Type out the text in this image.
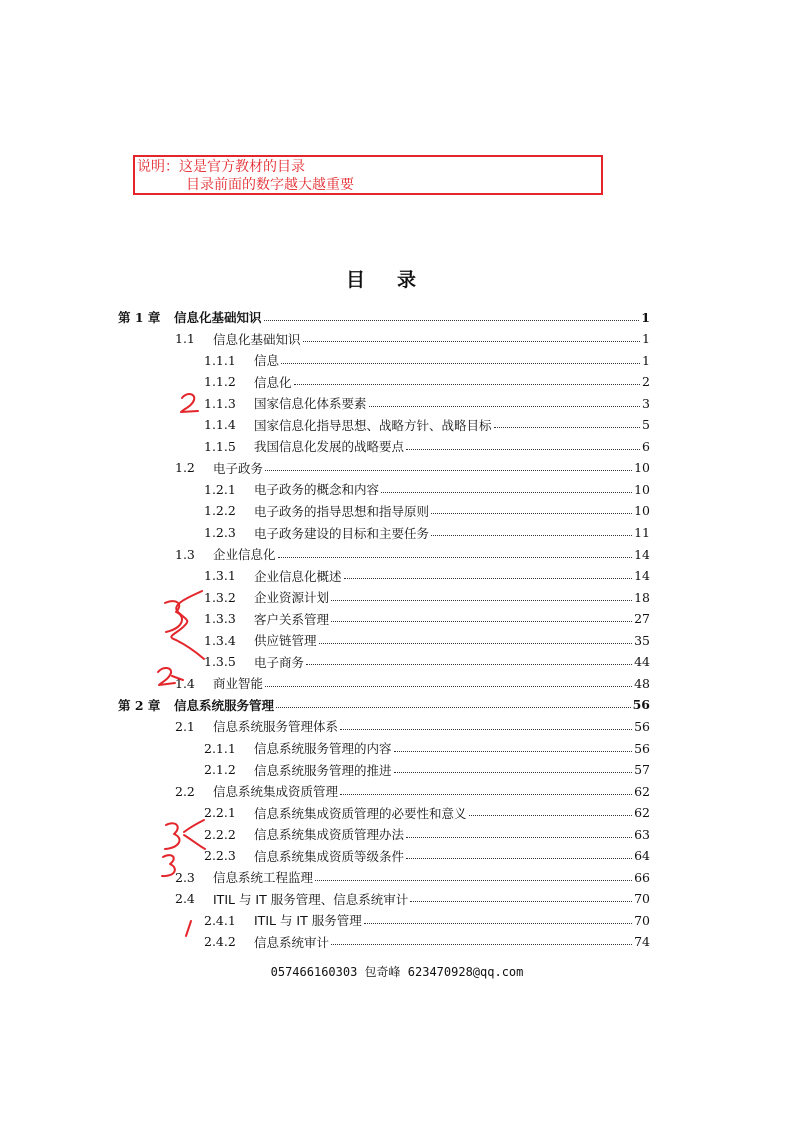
说明：这是官方教材的目录
目录前面的数字越大越重要
目录
第 1 章	信息化基础知识	1
1.1	信息化基础知识	1
1.1.1	信息	1
1.1.2	信息化	2
1.1.3	国家信息化体系要素	3
1.1.4	国家信息化指导思想、战略方针、战略目标	5
1.1.5	我国信息化发展的战略要点	6
1.2	电子政务	10
1.2.1	电子政务的概念和内容	10
1.2.2	电子政务的指导思想和指导原则	10
1.2.3	电子政务建设的目标和主要任务	11
1.3	企业信息化	14
1.3.1	企业信息化概述	14
1.3.2	企业资源计划	18
1.3.3	客户关系管理	27
1.3.4	供应链管理	35
1.3.5	电子商务	44
1.4	商业智能	48
第 2 章	信息系统服务管理	56
2.1	信息系统服务管理体系	56
2.1.1	信息系统服务管理的内容	56
2.1.2	信息系统服务管理的推进	57
2.2	信息系统集成资质管理	62
2.2.1	信息系统集成资质管理的必要性和意义	62
2.2.2	信息系统集成资质管理办法	63
2.2.3	信息系统集成资质等级条件	64
2.3	信息系统工程监理	66
2.4	ITIL 与 IT 服务管理、信息系统审计	70
2.4.1	ITIL 与 IT 服务管理	70
2.4.2	信息系统审计	74
057466160303 包奇峰 623470928@qq.com
